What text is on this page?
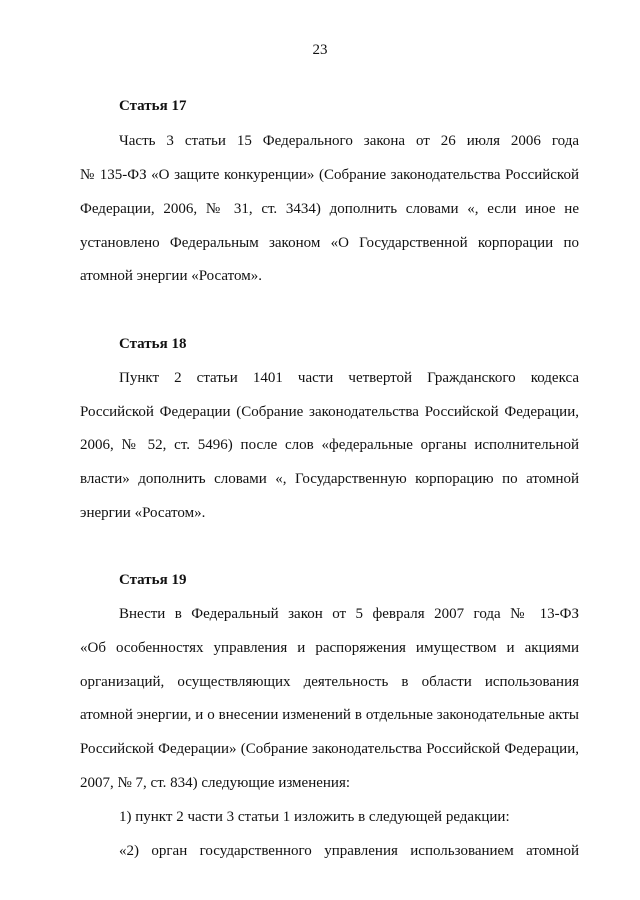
23
Статья 17
Часть 3 статьи 15 Федерального закона от 26 июля 2006 года
№ 135-ФЗ «О защите конкуренции» (Собрание законодательства Российской
Федерации, 2006, № 31, ст. 3434) дополнить словами «, если иное не
установлено Федеральным законом «О Государственной корпорации по
атомной энергии «Росатом».
Статья 18
Пункт 2 статьи 1401 части четвертой Гражданского кодекса
Российской Федерации (Собрание законодательства Российской Федерации,
2006, № 52, ст. 5496) после слов «федеральные органы исполнительной
власти» дополнить словами «, Государственную корпорацию по атомной
энергии «Росатом».
Статья 19
Внести в Федеральный закон от 5 февраля 2007 года № 13-ФЗ
«Об особенностях управления и распоряжения имуществом и акциями
организаций, осуществляющих деятельность в области использования
атомной энергии, и о внесении изменений в отдельные законодательные акты
Российской Федерации» (Собрание законодательства Российской Федерации,
2007, № 7, ст. 834) следующие изменения:
1) пункт 2 части 3 статьи 1 изложить в следующей редакции:
«2) орган государственного управления использованием атомной
